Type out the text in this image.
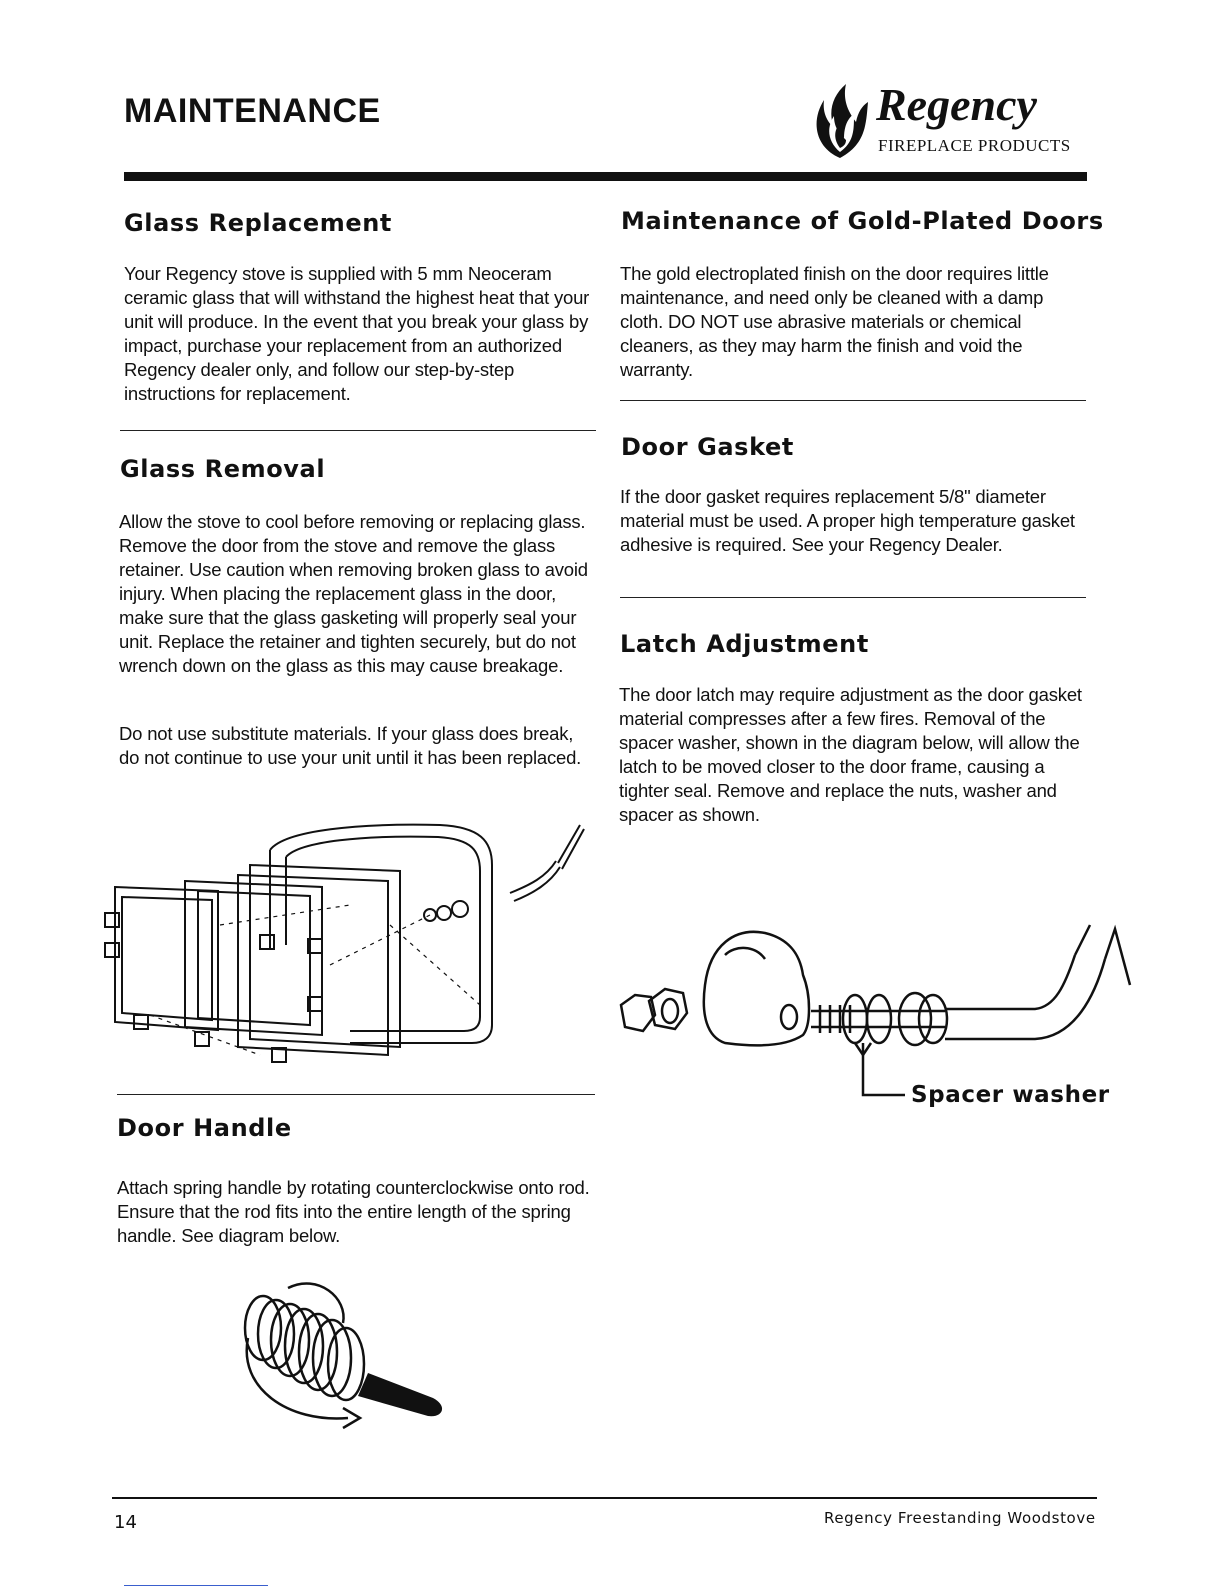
MAINTENANCE	Regency
FIREPLACE PRODUCTS
Glass Replacement

Your Regency stove is supplied with 5 mm Neoceram ceramic glass that will withstand the highest heat that your unit will produce. In the event that you break your glass by impact, purchase your replacement from an authorized Regency dealer only, and follow our step-by-step instructions for replacement.

Glass Removal

Allow the stove to cool before removing or replacing glass. Remove the door from the stove and remove the glass retainer. Use caution when removing broken glass to avoid injury. When placing the replacement glass in the door, make sure that the glass gasketing will properly seal your unit. Replace the retainer and tighten securely, but do not wrench down on the glass as this may cause breakage.

Do not use substitute materials. If your glass does break, do not continue to use your unit until it has been replaced.

Door Handle

Attach spring handle by rotating counterclockwise onto rod. Ensure that the rod fits into the entire length of the spring handle. See diagram below.

Maintenance of Gold-Plated Doors

The gold electroplated finish on the door requires little maintenance, and need only be cleaned with a damp cloth. DO NOT use abrasive materials or chemical cleaners, as they may harm the finish and void the warranty.

Door Gasket

If the door gasket requires replacement 5/8" diameter material must be used. A proper high temperature gasket adhesive is required. See your Regency Dealer.

Latch Adjustment

The door latch may require adjustment as the door gasket material compresses after a few fires. Removal of the spacer washer, shown in the diagram below, will allow the latch to be moved closer to the door frame, causing a tighter seal. Remove and replace the nuts, washer and spacer as shown.

Spacer washer
14	Regency Freestanding Woodstove
